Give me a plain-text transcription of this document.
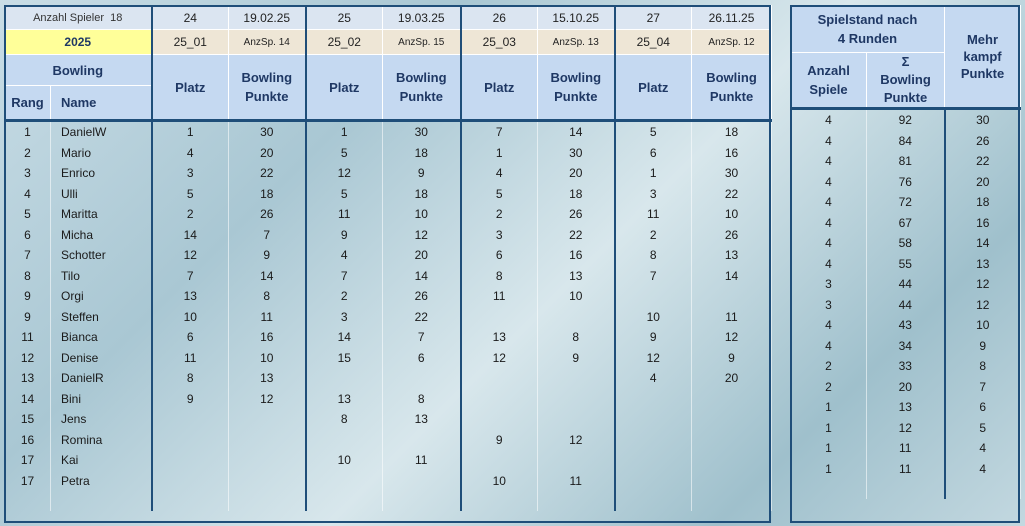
Anzahl Spieler 18		24	19.02.25	25	19.03.25	26	15.10.25	27	26.11.25
2025		25_01	AnzSp. 14	25_02	AnzSp. 15	25_03	AnzSp. 13	25_04	AnzSp. 12
Bowling		Platz	Bowling Punkte	Platz	Bowling Punkte	Platz	Bowling Punkte	Platz	Bowling Punkte
Rang	Name								
1	DanielW	1	30	1	30	7	14	5	18
2	Mario	4	20	5	18	1	30	6	16
3	Enrico	3	22	12	9	4	20	1	30
4	Ulli	5	18	5	18	5	18	3	22
5	Maritta	2	26	11	10	2	26	11	10
6	Micha	14	7	9	12	3	22	2	26
7	Schotter	12	9	4	20	6	16	8	13
8	Tilo	7	14	7	14	8	13	7	14
9	Orgi	13	8	2	26	11	10		
9	Steffen	10	11	3	22			10	11
11	Bianca	6	16	14	7	13	8	9	12
12	Denise	11	10	15	6	12	9	12	9
13	DanielR	8	13					4	20
14	Bini	9	12	13	8				
15	Jens			8	13				
16	Romina					9	12		
17	Kai			10	11				
17	Petra					10	11		

Spielstand nach 4 Runden		Mehr kampf Punkte

Anzahl Spiele	Σ Bowling Punkte	

4	92	30
4	84	26
4	81	22
4	76	20
4	72	18
4	67	16
4	58	14
4	55	13
3	44	12
3	44	12
4	43	10
4	34	9
2	33	8
2	20	7
1	13	6
1	12	5
1	11	4
1	11	4
